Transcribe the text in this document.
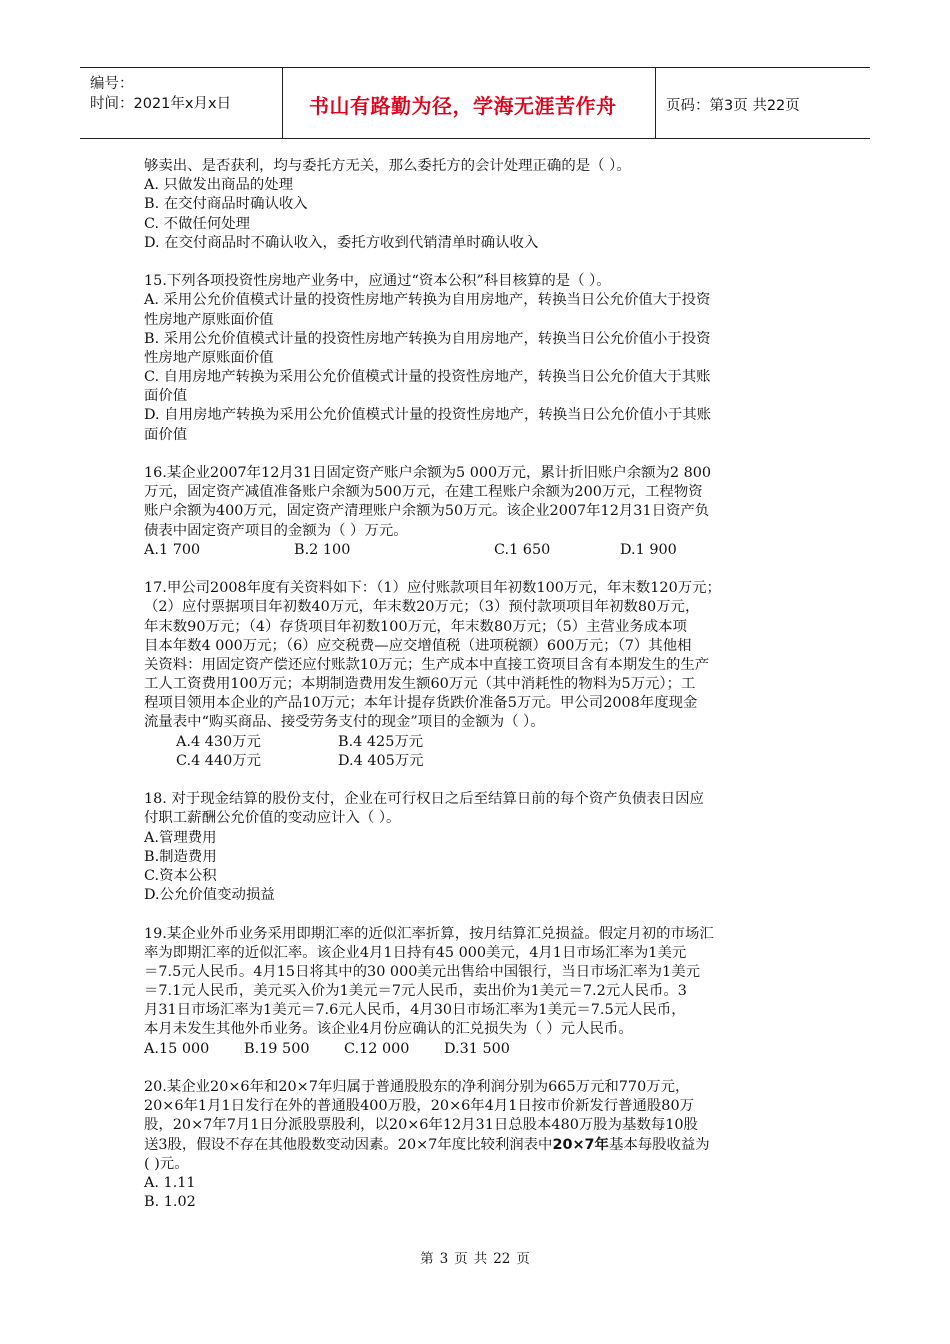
编号：
时间：2021年x月x日	书山有路勤为径，学海无涯苦作舟	页码：第3页 共22页
够卖出、是否获利，均与委托方无关，那么委托方的会计处理正确的是（ ）。
A. 只做发出商品的处理
B. 在交付商品时确认收入
C. 不做任何处理
D. 在交付商品时不确认收入，委托方收到代销清单时确认收入
15.下列各项投资性房地产业务中，应通过“资本公积”科目核算的是（ ）。
A. 采用公允价值模式计量的投资性房地产转换为自用房地产，转换当日公允价值大于投资
性房地产原账面价值
B. 采用公允价值模式计量的投资性房地产转换为自用房地产，转换当日公允价值小于投资
性房地产原账面价值
C. 自用房地产转换为采用公允价值模式计量的投资性房地产，转换当日公允价值大于其账
面价值
D. 自用房地产转换为采用公允价值模式计量的投资性房地产，转换当日公允价值小于其账
面价值
16.某企业2007年12月31日固定资产账户余额为5 000万元，累计折旧账户余额为2 800
万元，固定资产减值准备账户余额为500万元，在建工程账户余额为200万元，工程物资
账户余额为400万元，固定资产清理账户余额为50万元。该企业2007年12月31日资产负
债表中固定资产项目的金额为（ ）万元。
A.1 700	B.2 100	C.1 650	D.1 900
17.甲公司2008年度有关资料如下：（1）应付账款项目年初数100万元，年末数120万元；
（2）应付票据项目年初数40万元，年末数20万元；（3）预付款项项目年初数80万元，
年末数90万元；（4）存货项目年初数100万元，年末数80万元；（5）主营业务成本项
目本年数4 000万元；（6）应交税费—应交增值税（进项税额）600万元；（7）其他相
关资料：用固定资产偿还应付账款10万元；生产成本中直接工资项目含有本期发生的生产
工人工资费用100万元；本期制造费用发生额60万元（其中消耗性的物料为5万元）；工
程项目领用本企业的产品10万元；本年计提存货跌价准备5万元。甲公司2008年度现金
流量表中“购买商品、接受劳务支付的现金”项目的金额为（ ）。
A.4 430万元	B.4 425万元
C.4 440万元	D.4 405万元
18. 对于现金结算的股份支付，企业在可行权日之后至结算日前的每个资产负债表日因应
付职工薪酬公允价值的变动应计入（ ）。
A.管理费用
B.制造费用
C.资本公积
D.公允价值变动损益
19.某企业外币业务采用即期汇率的近似汇率折算，按月结算汇兑损益。假定月初的市场汇
率为即期汇率的近似汇率。该企业4月1日持有45 000美元，4月1日市场汇率为1美元
＝7.5元人民币。4月15日将其中的30 000美元出售给中国银行，当日市场汇率为1美元
＝7.1元人民币，美元买入价为1美元＝7元人民币，卖出价为1美元＝7.2元人民币。3
月31日市场汇率为1美元＝7.6元人民币，4月30日市场汇率为1美元＝7.5元人民币，
本月未发生其他外币业务。该企业4月份应确认的汇兑损失为（ ）元人民币。
A.15 000	B.19 500	C.12 000	D.31 500
20.某企业20×6年和20×7年归属于普通股股东的净利润分别为665万元和770万元，
20×6年1月1日发行在外的普通股400万股，20×6年4月1日按市价新发行普通股80万
股，20×7年7月1日分派股票股利，以20×6年12月31日总股本480万股为基数每10股
送3股，假设不存在其他股数变动因素。20×7年度比较利润表中20×7年基本每股收益为
( )元。
A. 1.11
B. 1.02
第 3 页 共 22 页
